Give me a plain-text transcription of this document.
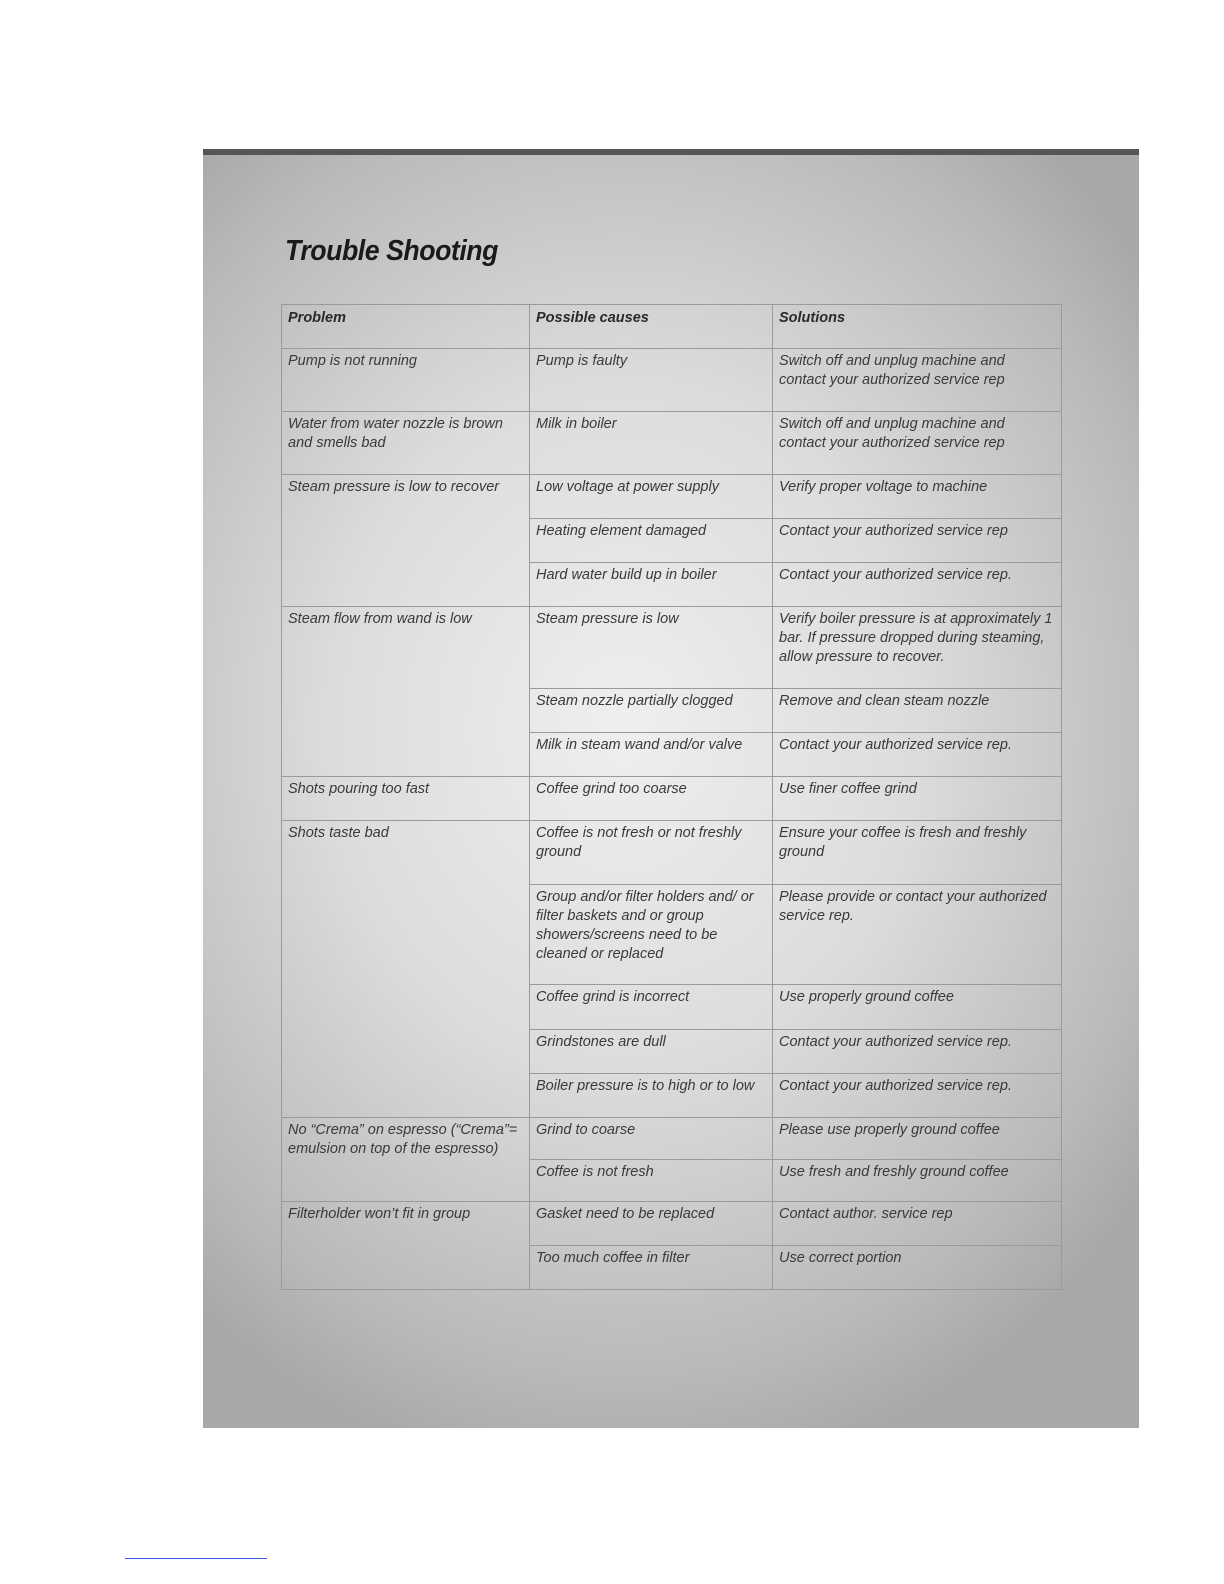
Trouble Shooting
Problem	Possible causes	Solutions
Pump is not running	Pump is faulty	Switch off and unplug machine and contact your authorized service rep
Water from water nozzle is brown and smells bad	Milk in boiler	Switch off and unplug machine and contact your authorized service rep
Steam pressure is low to recover	Low voltage at power supply	Verify proper voltage to machine
	Heating element damaged	Contact your authorized service rep
	Hard water build up in boiler	Contact your authorized service rep.
Steam flow from wand is low	Steam pressure is low	Verify boiler pressure is at approximately 1 bar. If pressure dropped during steaming, allow pressure to recover.
	Steam nozzle partially clogged	Remove and clean steam nozzle
	Milk in steam wand and/or valve	Contact your authorized service rep.
Shots pouring too fast	Coffee grind too coarse	Use finer coffee grind
Shots taste bad	Coffee is not fresh or not freshly ground	Ensure your coffee is fresh and freshly ground
	Group and/or filter holders and/ or filter baskets and or group showers/screens need to be cleaned or replaced	Please provide or contact your authorized service rep.
	Coffee grind is incorrect	Use properly ground coffee
	Grindstones are dull	Contact your authorized service rep.
	Boiler pressure is to high or to low	Contact your authorized service rep.
No “Crema” on espresso (“Crema”= emulsion on top of the espresso)	Grind to coarse	Please use properly ground coffee
	Coffee is not fresh	Use fresh and freshly ground coffee
Filterholder won’t fit in group	Gasket need to be replaced	Contact author. service rep
	Too much coffee in filter	Use correct portion
